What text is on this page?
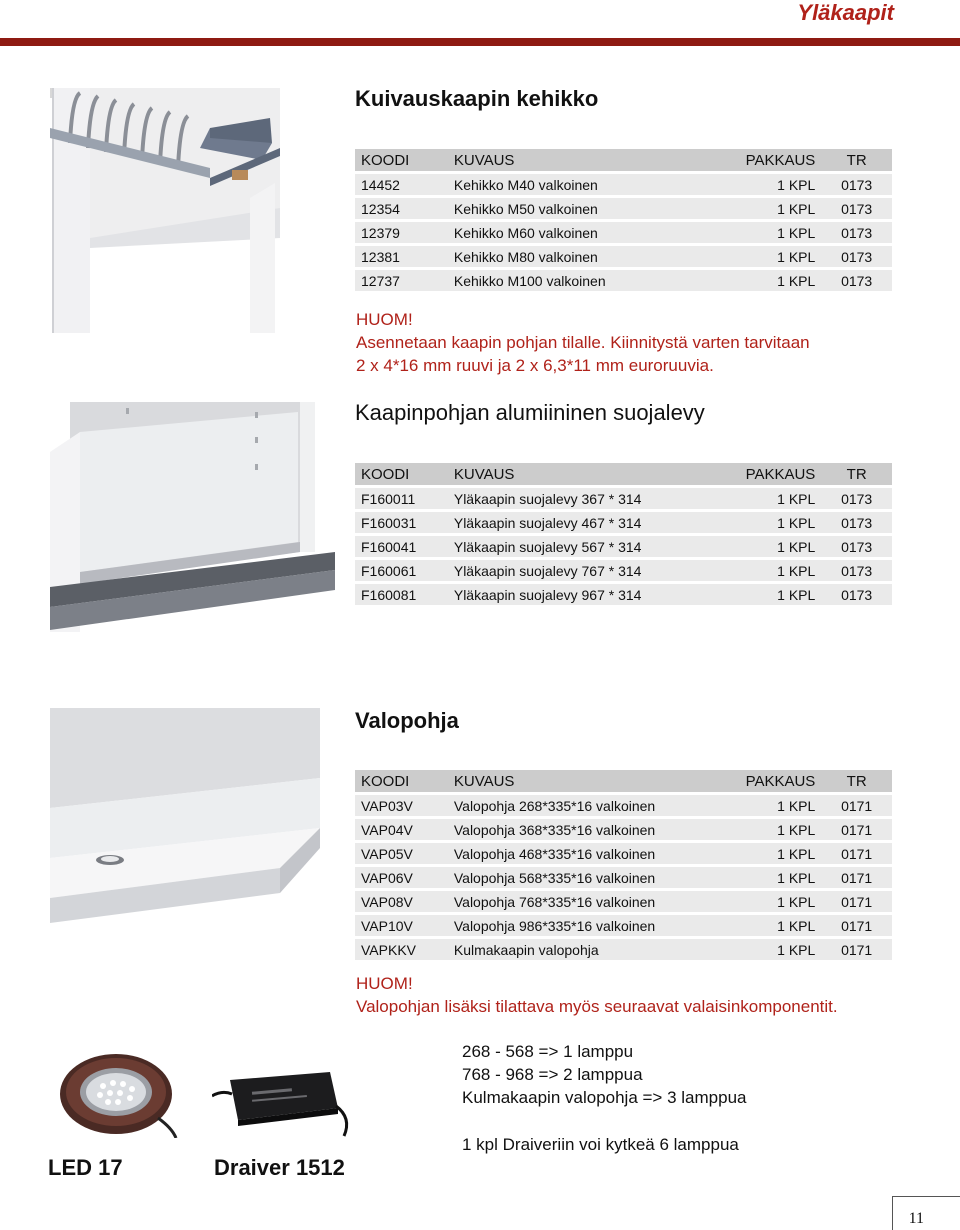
Yläkaapit
Kuivauskaapin kehikko
KOODI	KUVAUS	PAKKAUS	TR
14452	Kehikko M40 valkoinen	1 KPL	0173
12354	Kehikko M50 valkoinen	1 KPL	0173
12379	Kehikko M60 valkoinen	1 KPL	0173
12381	Kehikko M80 valkoinen	1 KPL	0173
12737	Kehikko M100 valkoinen	1 KPL	0173
HUOM!
Asennetaan kaapin pohjan tilalle. Kiinnitystä varten tarvitaan
2 x 4*16 mm ruuvi ja 2 x 6,3*11 mm euroruuvia.
Kaapinpohjan alumiininen suojalevy
KOODI	KUVAUS	PAKKAUS	TR
F160011	Yläkaapin suojalevy 367 * 314	1 KPL	0173
F160031	Yläkaapin suojalevy 467 * 314	1 KPL	0173
F160041	Yläkaapin suojalevy 567 * 314	1 KPL	0173
F160061	Yläkaapin suojalevy 767 * 314	1 KPL	0173
F160081	Yläkaapin suojalevy 967 * 314	1 KPL	0173
Valopohja
KOODI	KUVAUS	PAKKAUS	TR
VAP03V	Valopohja 268*335*16 valkoinen	1 KPL	0171
VAP04V	Valopohja 368*335*16 valkoinen	1 KPL	0171
VAP05V	Valopohja 468*335*16 valkoinen	1 KPL	0171
VAP06V	Valopohja 568*335*16 valkoinen	1 KPL	0171
VAP08V	Valopohja 768*335*16 valkoinen	1 KPL	0171
VAP10V	Valopohja 986*335*16 valkoinen	1 KPL	0171
VAPKKV	Kulmakaapin valopohja	1 KPL	0171
HUOM!
Valopohjan lisäksi tilattava myös seuraavat valaisinkomponentit.
LED 17	Draiver 1512
268 - 568 => 1 lamppu
768 - 968 => 2 lamppua
Kulmakaapin valopohja => 3 lamppua
1 kpl Draiveriin voi kytkeä 6 lamppua
11
